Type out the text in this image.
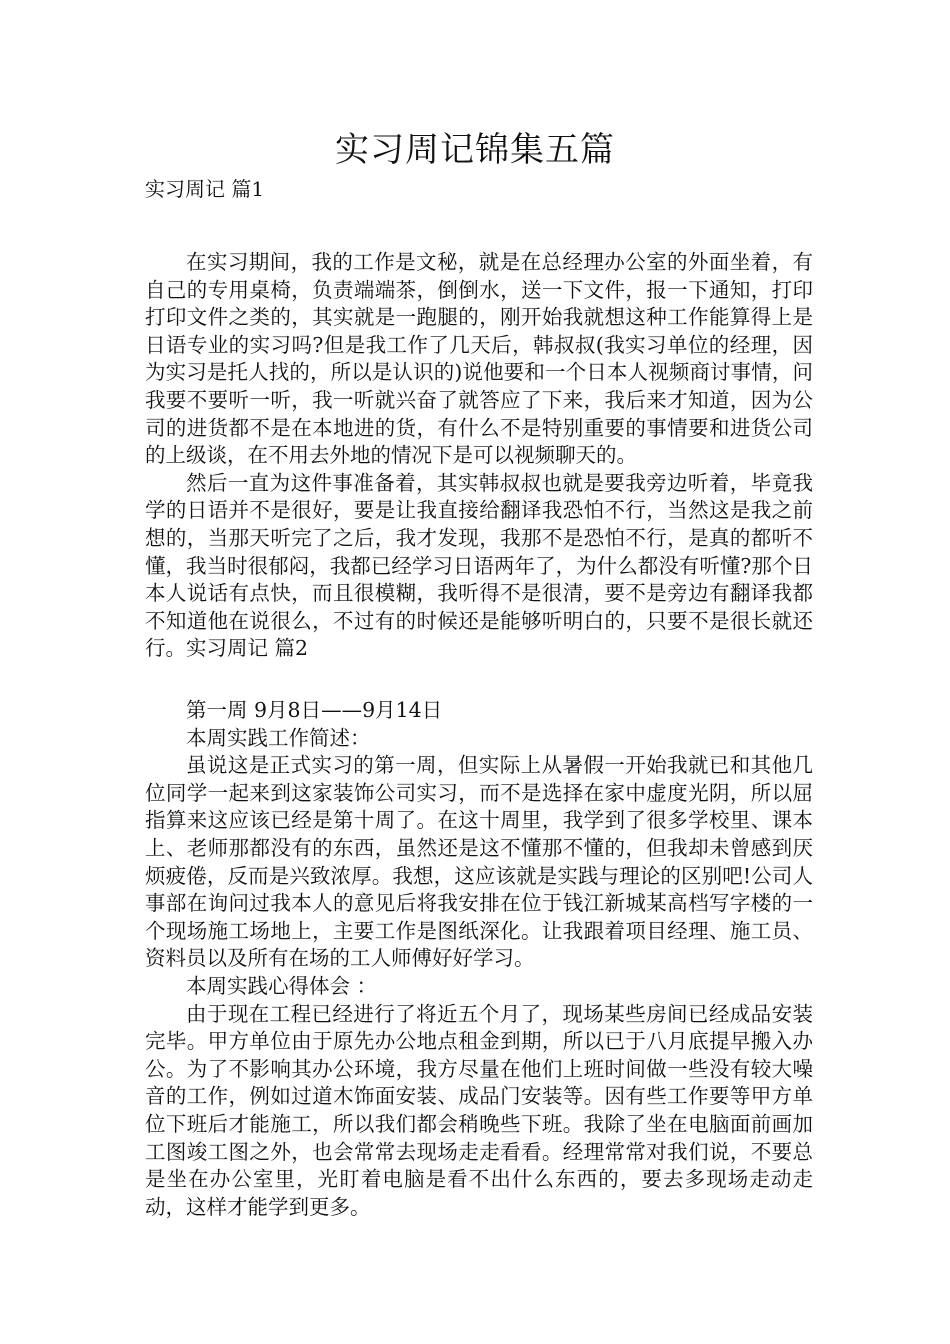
实习周记锦集五篇
实习周记 篇1

在实习期间，我的工作是文秘，就是在总经理办公室的外面坐着，有自己的专用桌椅，负责端端茶，倒倒水，送一下文件，报一下通知，打印打印文件之类的，其实就是一跑腿的，刚开始我就想这种工作能算得上是日语专业的实习吗?但是我工作了几天后，韩叔叔(我实习单位的经理，因为实习是托人找的，所以是认识的)说他要和一个日本人视频商讨事情，问我要不要听一听，我一听就兴奋了就答应了下来，我后来才知道，因为公司的进货都不是在本地进的货，有什么不是特别重要的事情要和进货公司的上级谈，在不用去外地的情况下是可以视频聊天的。

然后一直为这件事准备着，其实韩叔叔也就是要我旁边听着，毕竟我学的日语并不是很好，要是让我直接给翻译我恐怕不行，当然这是我之前想的，当那天听完了之后，我才发现，我那不是恐怕不行，是真的都听不懂，我当时很郁闷，我都已经学习日语两年了，为什么都没有听懂?那个日本人说话有点快，而且很模糊，我听得不是很清，要不是旁边有翻译我都不知道他在说很么，不过有的时候还是能够听明白的，只要不是很长就还行。实习周记 篇2

第一周 9月8日——9月14日

本周实践工作简述：

虽说这是正式实习的第一周，但实际上从暑假一开始我就已和其他几位同学一起来到这家装饰公司实习，而不是选择在家中虚度光阴，所以屈指算来这应该已经是第十周了。在这十周里，我学到了很多学校里、课本上、老师那都没有的东西，虽然还是这不懂那不懂的，但我却未曾感到厌烦疲倦，反而是兴致浓厚。我想，这应该就是实践与理论的区别吧!公司人事部在询问过我本人的意见后将我安排在位于钱江新城某高档写字楼的一个现场施工场地上，主要工作是图纸深化。让我跟着项目经理、施工员、资料员以及所有在场的工人师傅好好学习。

本周实践心得体会 ：

由于现在工程已经进行了将近五个月了，现场某些房间已经成品安装完毕。甲方单位由于原先办公地点租金到期，所以已于八月底提早搬入办公。为了不影响其办公环境，我方尽量在他们上班时间做一些没有较大噪音的工作，例如过道木饰面安装、成品门安装等。因有些工作要等甲方单位下班后才能施工，所以我们都会稍晚些下班。我除了坐在电脑面前画加工图竣工图之外，也会常常去现场走走看看。经理常常对我们说，不要总是坐在办公室里，光盯着电脑是看不出什么东西的，要去多现场走动走动，这样才能学到更多。
